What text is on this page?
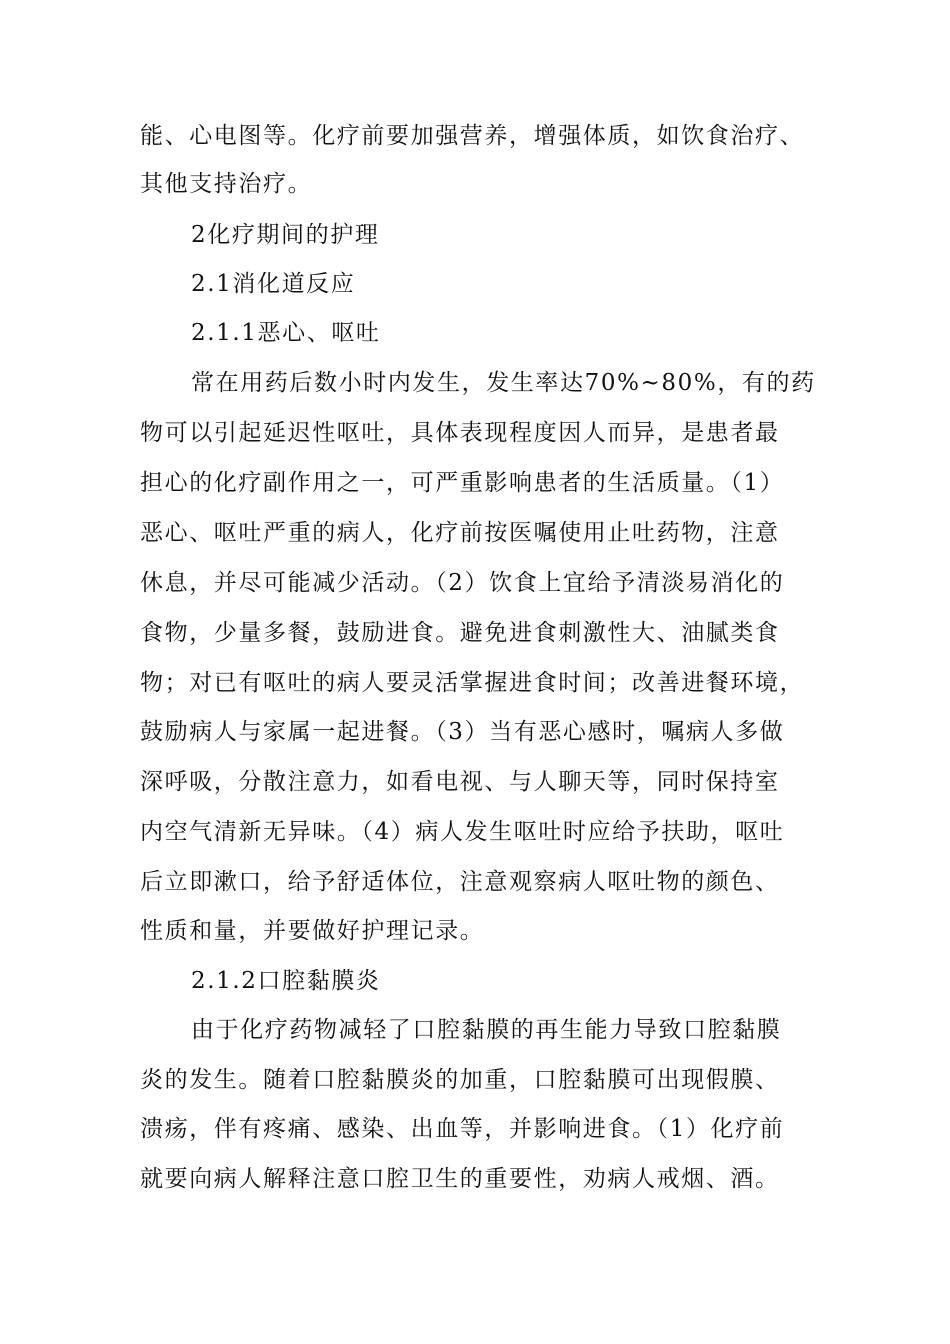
能、心电图等。化疗前要加强营养，增强体质，如饮食治疗、
其他支持治疗。
2化疗期间的护理
2.1消化道反应
2.1.1恶心、呕吐
常在用药后数小时内发生，发生率达70%~80%，有的药
物可以引起延迟性呕吐，具体表现程度因人而异，是患者最
担心的化疗副作用之一，可严重影响患者的生活质量。（1）
恶心、呕吐严重的病人，化疗前按医嘱使用止吐药物，注意
休息，并尽可能减少活动。（2）饮食上宜给予清淡易消化的
食物，少量多餐，鼓励进食。避免进食刺激性大、油腻类食
物；对已有呕吐的病人要灵活掌握进食时间；改善进餐环境，
鼓励病人与家属一起进餐。（3）当有恶心感时，嘱病人多做
深呼吸，分散注意力，如看电视、与人聊天等，同时保持室
内空气清新无异味。（4）病人发生呕吐时应给予扶助，呕吐
后立即漱口，给予舒适体位，注意观察病人呕吐物的颜色、
性质和量，并要做好护理记录。
2.1.2口腔黏膜炎
由于化疗药物减轻了口腔黏膜的再生能力导致口腔黏膜
炎的发生。随着口腔黏膜炎的加重，口腔黏膜可出现假膜、
溃疡，伴有疼痛、感染、出血等，并影响进食。（1）化疗前
就要向病人解释注意口腔卫生的重要性，劝病人戒烟、酒。
